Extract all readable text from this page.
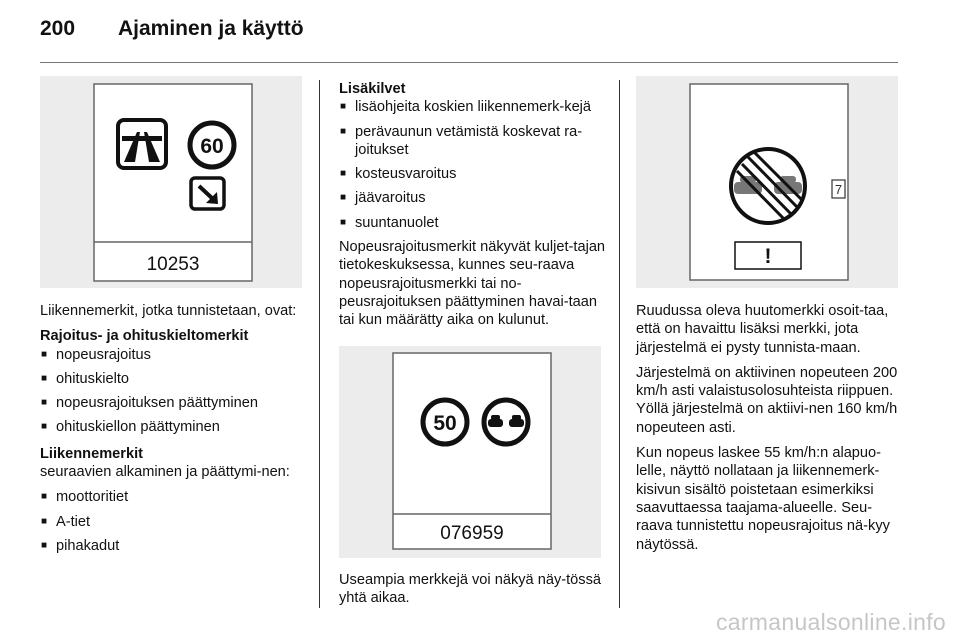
200 Ajaminen ja käyttö
60
10253

Liikennemerkit, jotka tunnistetaan, ovat:

Rajoitus- ja ohituskieltomerkit
■ nopeusrajoitus
■ ohituskielto
■ nopeusrajoituksen päättyminen
■ ohituskiellon päättyminen
Liikennemerkit

seuraavien alkaminen ja päättymi-nen:

■ moottoritiet
■ A-tiet
■ pihakadut
Lisäkilvet
■ lisäohjeita koskien liikennemerk-kejä
■ perävaunun vetämistä koskevat ra-joitukset
■ kosteusvaroitus
■ jäävaroitus
■ suuntanuolet

Nopeusrajoitusmerkit näkyvät kuljet-tajan tietokeskuksessa, kunnes seu-raava nopeusrajoitusmerkki tai no-peusrajoituksen päättyminen havai-taan tai kun määrätty aika on kulunut.

50
076959

Useampia merkkejä voi näkyä näy-tössä yhtä aikaa.

7
!

Ruudussa oleva huutomerkki osoit-taa, että on havaittu lisäksi merkki, jota järjestelmä ei pysty tunnista-maan.

Järjestelmä on aktiivinen nopeuteen 200 km/h asti valaistusolosuhteista riippuen. Yöllä järjestelmä on aktiivi-nen 160 km/h nopeuteen asti.

Kun nopeus laskee 55 km/h:n alapuo-lelle, näyttö nollataan ja liikennemerk-kisivun sisältö poistetaan esimerkiksi saavuttaessa taajama-alueelle. Seu-raava tunnistettu nopeusrajoitus nä-kyy näytössä.

carmanualsonline.info
